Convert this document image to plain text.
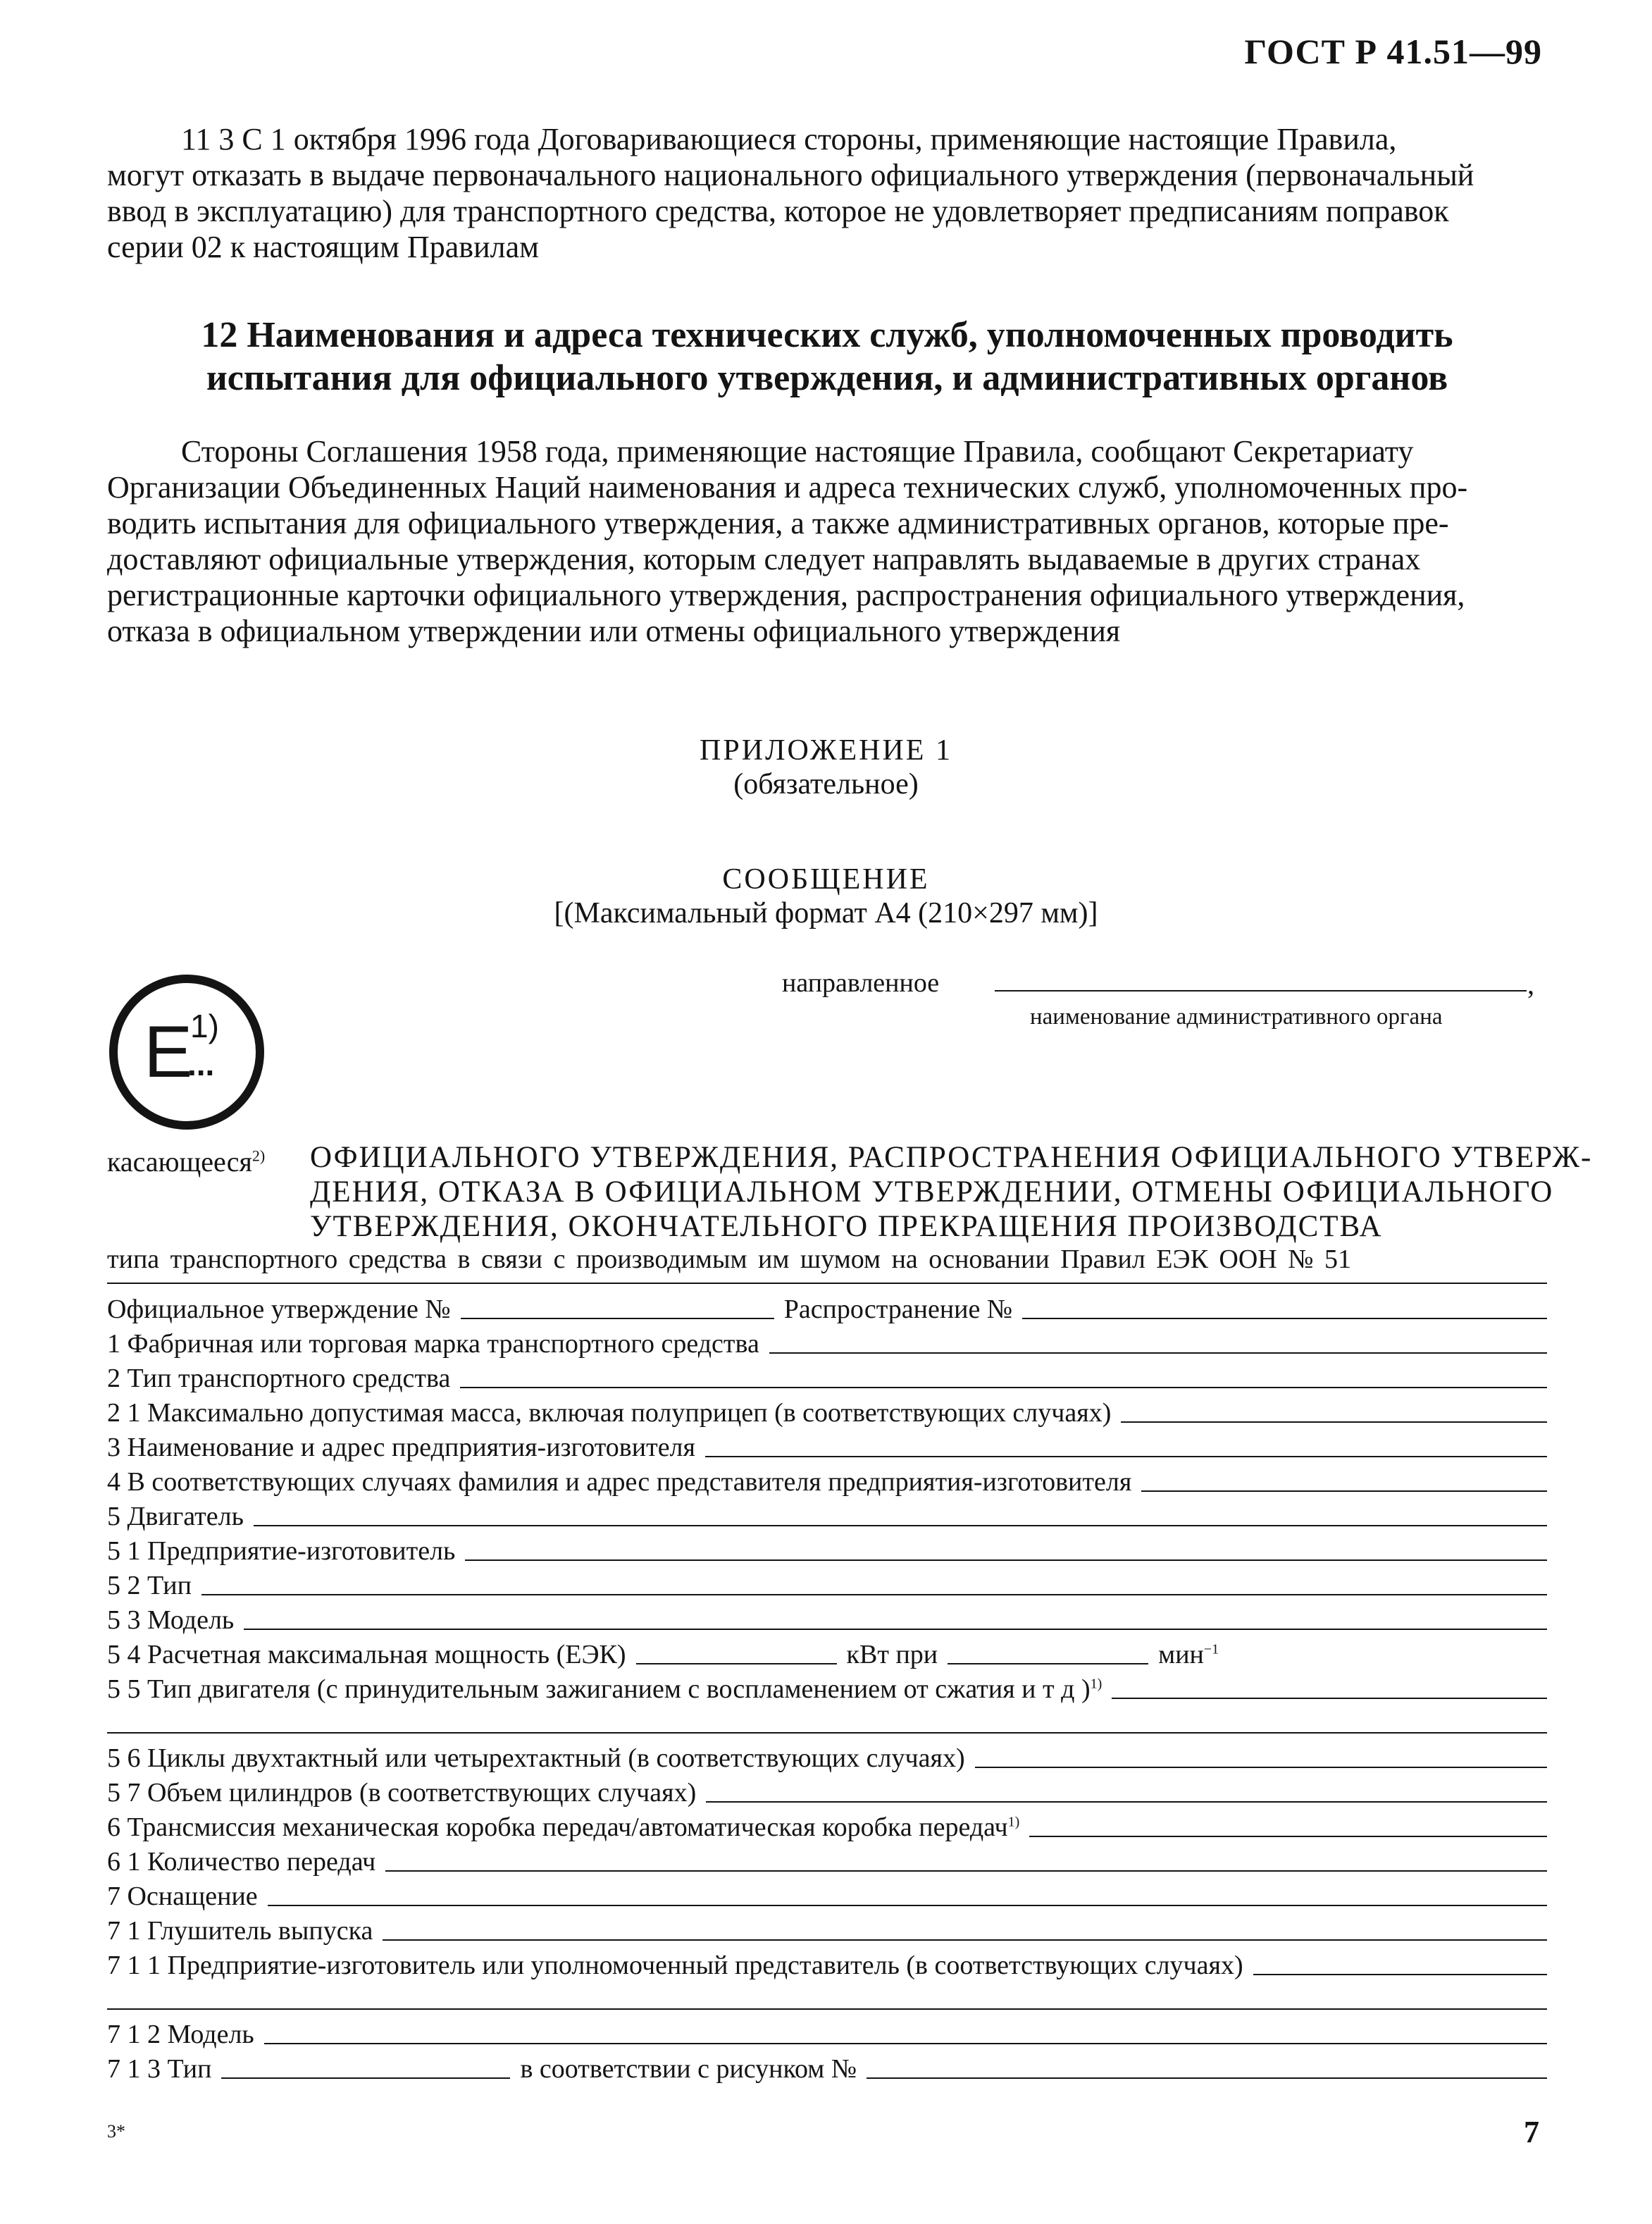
ГОСТ Р 41.51—99
11 3 С 1 октября 1996 года Договаривающиеся стороны, применяющие настоящие Правила,
могут отказать в выдаче первоначального национального официального утверждения (первоначальный
ввод в эксплуатацию) для транспортного средства, которое не удовлетворяет предписаниям поправок
серии 02 к настоящим Правилам
12 Наименования и адреса технических служб, уполномоченных проводить
испытания для официального утверждения, и административных органов
Стороны Соглашения 1958 года, применяющие настоящие Правила, сообщают Секретариату
Организации Объединенных Наций наименования и адреса технических служб, уполномоченных про-
водить испытания для официального утверждения, а также административных органов, которые пре-
доставляют официальные утверждения, которым следует направлять выдаваемые в других странах
регистрационные карточки официального утверждения, распространения официального утверждения,
отказа в официальном утверждении или отмены официального утверждения
ПРИЛОЖЕНИЕ 1
(обязательное)
СООБЩЕНИЕ
[(Максимальный формат А4 (210×297 мм)]
E
1)
...
направленное	,
наименование административного органа
касающееся$^{2)}$ ОФИЦИАЛЬНОГО УТВЕРЖДЕНИЯ, РАСПРОСТРАНЕНИЯ ОФИЦИАЛЬНОГО УТВЕРЖ-
ДЕНИЯ, ОТКАЗА В ОФИЦИАЛЬНОМ УТВЕРЖДЕНИИ, ОТМЕНЫ ОФИЦИАЛЬНОГО
УТВЕРЖДЕНИЯ, ОКОНЧАТЕЛЬНОГО ПРЕКРАЩЕНИЯ ПРОИЗВОДСТВА
типа транспортного средства в связи с производимым им шумом на основании Правил ЕЭК ООН № 51
Официальное утверждение №	Распространение №
1 Фабричная или торговая марка транспортного средства
2 Тип транспортного средства
2 1 Максимально допустимая масса, включая полуприцеп (в соответствующих случаях)
3 Наименование и адрес предприятия-изготовителя
4 В соответствующих случаях фамилия и адрес представителя предприятия-изготовителя
5 Двигатель
5 1 Предприятие-изготовитель
5 2 Тип
5 3 Модель
5 4 Расчетная максимальная мощность (ЕЭК)	кВт при	мин$^{-1}$
5 5 Тип двигателя (с принудительным зажиганием с воспламенением от сжатия и т д )$^{1)}$
5 6 Циклы двухтактный или четырехтактный (в соответствующих случаях)
5 7 Объем цилиндров (в соответствующих случаях)
6 Трансмиссия механическая коробка передач/автоматическая коробка передач$^{1)}$
6 1 Количество передач
7 Оснащение
7 1 Глушитель выпуска
7 1 1 Предприятие-изготовитель или уполномоченный представитель (в соответствующих случаях)
7 1 2 Модель
7 1 3 Тип	в соответствии с рисунком №
3*	7
